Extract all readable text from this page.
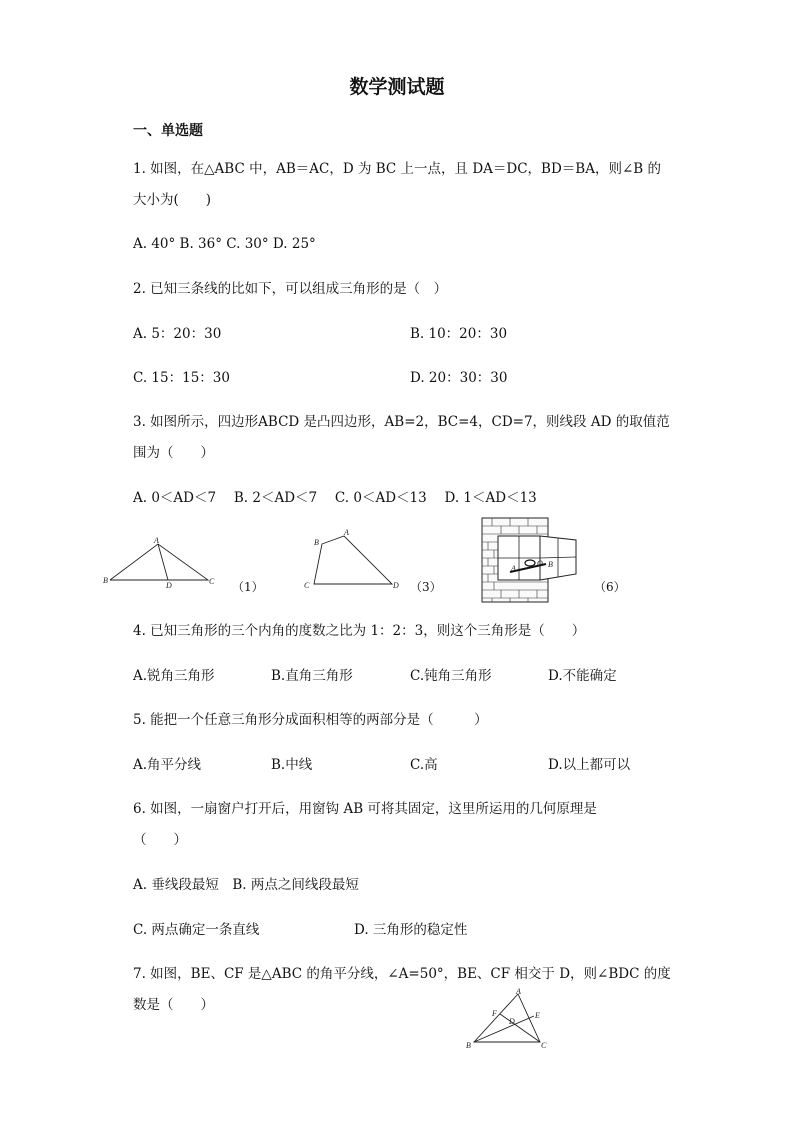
数学测试题
一、单选题
1. 如图，在△ABC 中，AB＝AC，D 为 BC 上一点，且 DA＝DC，BD＝BA，则∠B 的
大小为(　　)
A. 40° B. 36° C. 30° D. 25°
2. 已知三条线的比如下，可以组成三角形的是（　）
A. 5：20：30	B. 10：20：30
C. 15：15：30	D. 20：30：30
3. 如图所示，四边形ABCD 是凸四边形，AB=2，BC=4，CD=7，则线段 AD 的取值范
围为（　　）
A. 0＜AD＜7　 B. 2＜AD＜7　 C. 0＜AD＜13　 D. 1＜AD＜13
A
B
D	C （1）
A
B
C	D （3）
O
A	B
（6）
4. 已知三角形的三个内角的度数之比为 1：2：3，则这个三角形是（　　）
A.锐角三角形	B.直角三角形	C.钝角三角形	D.不能确定
5. 能把一个任意三角形分成面积相等的两部分是（　　　）
A.角平分线	B.中线	C.高	D.以上都可以
6. 如图，一扇窗户打开后，用窗钩 AB 可将其固定，这里所运用的几何原理是
（　　）
A. 垂线段最短　B. 两点之间线段最短
C. 两点确定一条直线	D. 三角形的稳定性
7. 如图，BE、CF 是△ABC 的角平分线，∠A=50°，BE、CF 相交于 D，则∠BDC 的度
数是（　　）
A
F
D
E
B	C
